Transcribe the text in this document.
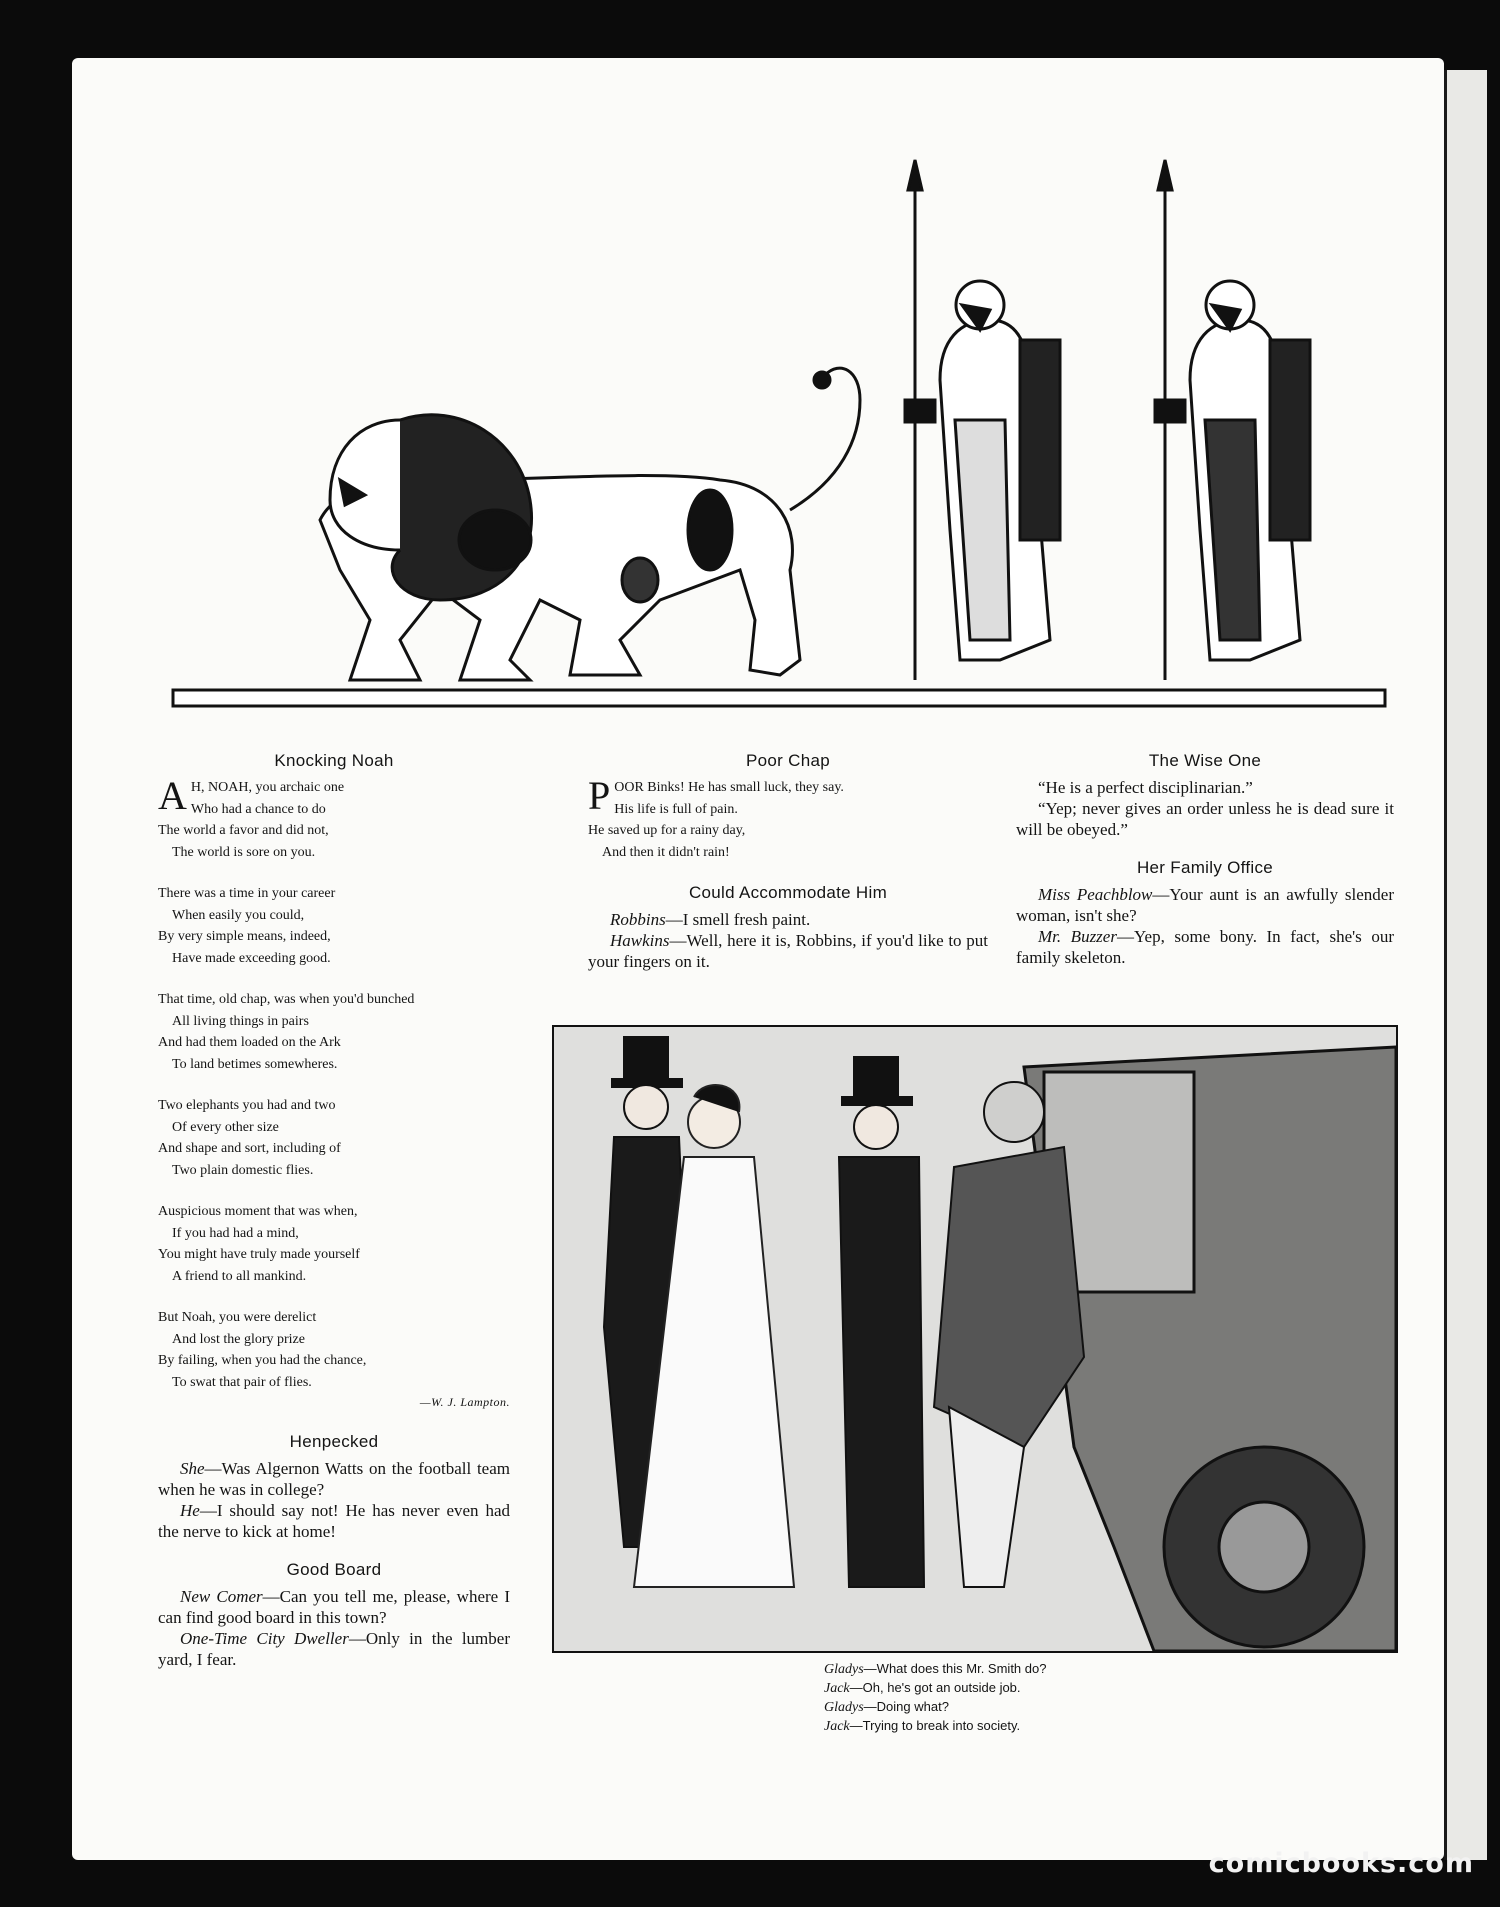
Knocking Noah
A H, NOAH, you archaic one
Who had a chance to do
The world a favor and did not,
The world is sore on you.
There was a time in your career
When easily you could,
By very simple means, indeed,
Have made exceeding good.
That time, old chap, was when you'd bunched
All living things in pairs
And had them loaded on the Ark
To land betimes somewheres.
Two elephants you had and two
Of every other size
And shape and sort, including of
Two plain domestic flies.
Auspicious moment that was when,
If you had had a mind,
You might have truly made yourself
A friend to all mankind.
But Noah, you were derelict
And lost the glory prize
By failing, when you had the chance,
To swat that pair of flies.
—W. J. Lampton.
Henpecked

She—Was Algernon Watts on the football team when he was in college?

He—I should say not! He has never even had the nerve to kick at home!

Good Board

New Comer—Can you tell me, please, where I can find good board in this town?

One-Time City Dweller—Only in the lumber yard, I fear.

Poor Chap
P OOR Binks! He has small luck, they say.
His life is full of pain.
He saved up for a rainy day,
And then it didn't rain!
Could Accommodate Him

Robbins—I smell fresh paint.

Hawkins—Well, here it is, Robbins, if you'd like to put your fingers on it.

The Wise One

“He is a perfect disciplinarian.”

“Yep; never gives an order unless he is dead sure it will be obeyed.”

Her Family Office

Miss Peachblow—Your aunt is an awfully slender woman, isn't she?

Mr. Buzzer—Yep, some bony. In fact, she's our family skeleton.

Gladys—What does this Mr. Smith do?
Jack—Oh, he's got an outside job.
Gladys—Doing what?
Jack—Trying to break into society.
comicbooks.com
